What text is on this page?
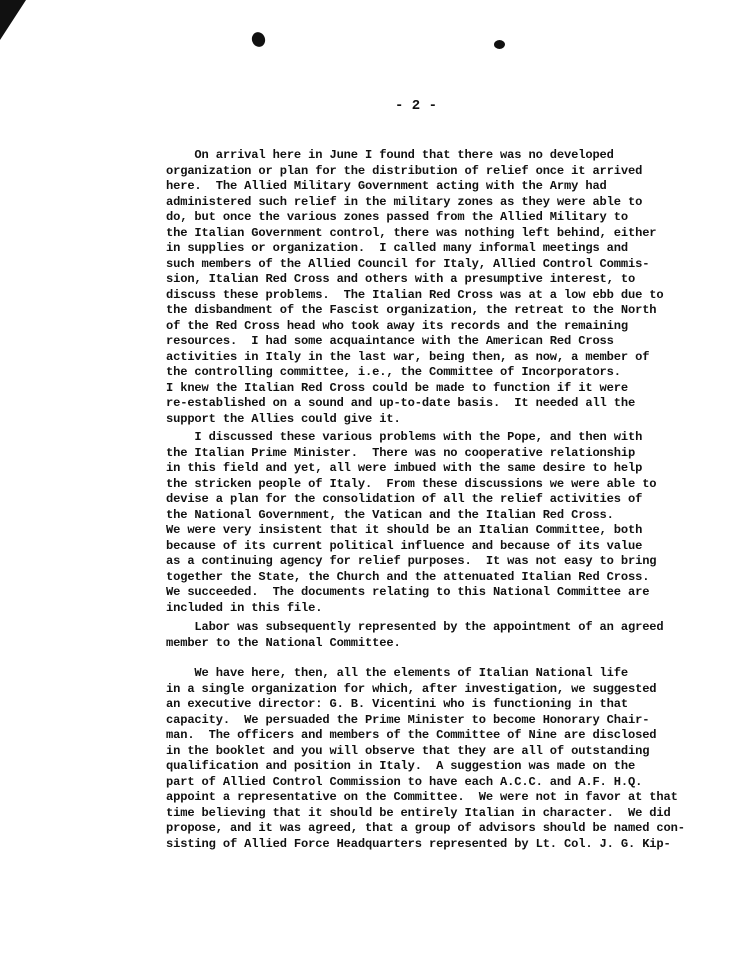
- 2 -
On arrival here in June I found that there was no developed
organization or plan for the distribution of relief once it arrived
here.  The Allied Military Government acting with the Army had
administered such relief in the military zones as they were able to
do, but once the various zones passed from the Allied Military to
the Italian Government control, there was nothing left behind, either
in supplies or organization.  I called many informal meetings and
such members of the Allied Council for Italy, Allied Control Commis-
sion, Italian Red Cross and others with a presumptive interest, to
discuss these problems.  The Italian Red Cross was at a low ebb due to
the disbandment of the Fascist organization, the retreat to the North
of the Red Cross head who took away its records and the remaining
resources.  I had some acquaintance with the American Red Cross
activities in Italy in the last war, being then, as now, a member of
the controlling committee, i.e., the Committee of Incorporators.
I knew the Italian Red Cross could be made to function if it were
re-established on a sound and up-to-date basis.  It needed all the
support the Allies could give it.
I discussed these various problems with the Pope, and then with
the Italian Prime Minister.  There was no cooperative relationship
in this field and yet, all were imbued with the same desire to help
the stricken people of Italy.  From these discussions we were able to
devise a plan for the consolidation of all the relief activities of
the National Government, the Vatican and the Italian Red Cross.
We were very insistent that it should be an Italian Committee, both
because of its current political influence and because of its value
as a continuing agency for relief purposes.  It was not easy to bring
together the State, the Church and the attenuated Italian Red Cross.
We succeeded.  The documents relating to this National Committee are
included in this file.
Labor was subsequently represented by the appointment of an agreed
member to the National Committee.
We have here, then, all the elements of Italian National life
in a single organization for which, after investigation, we suggested
an executive director: G. B. Vicentini who is functioning in that
capacity.  We persuaded the Prime Minister to become Honorary Chair-
man.  The officers and members of the Committee of Nine are disclosed
in the booklet and you will observe that they are all of outstanding
qualification and position in Italy.  A suggestion was made on the
part of Allied Control Commission to have each A.C.C. and A.F. H.Q.
appoint a representative on the Committee.  We were not in favor at that
time believing that it should be entirely Italian in character.  We did
propose, and it was agreed, that a group of advisors should be named con-
sisting of Allied Force Headquarters represented by Lt. Col. J. G. Kip-
